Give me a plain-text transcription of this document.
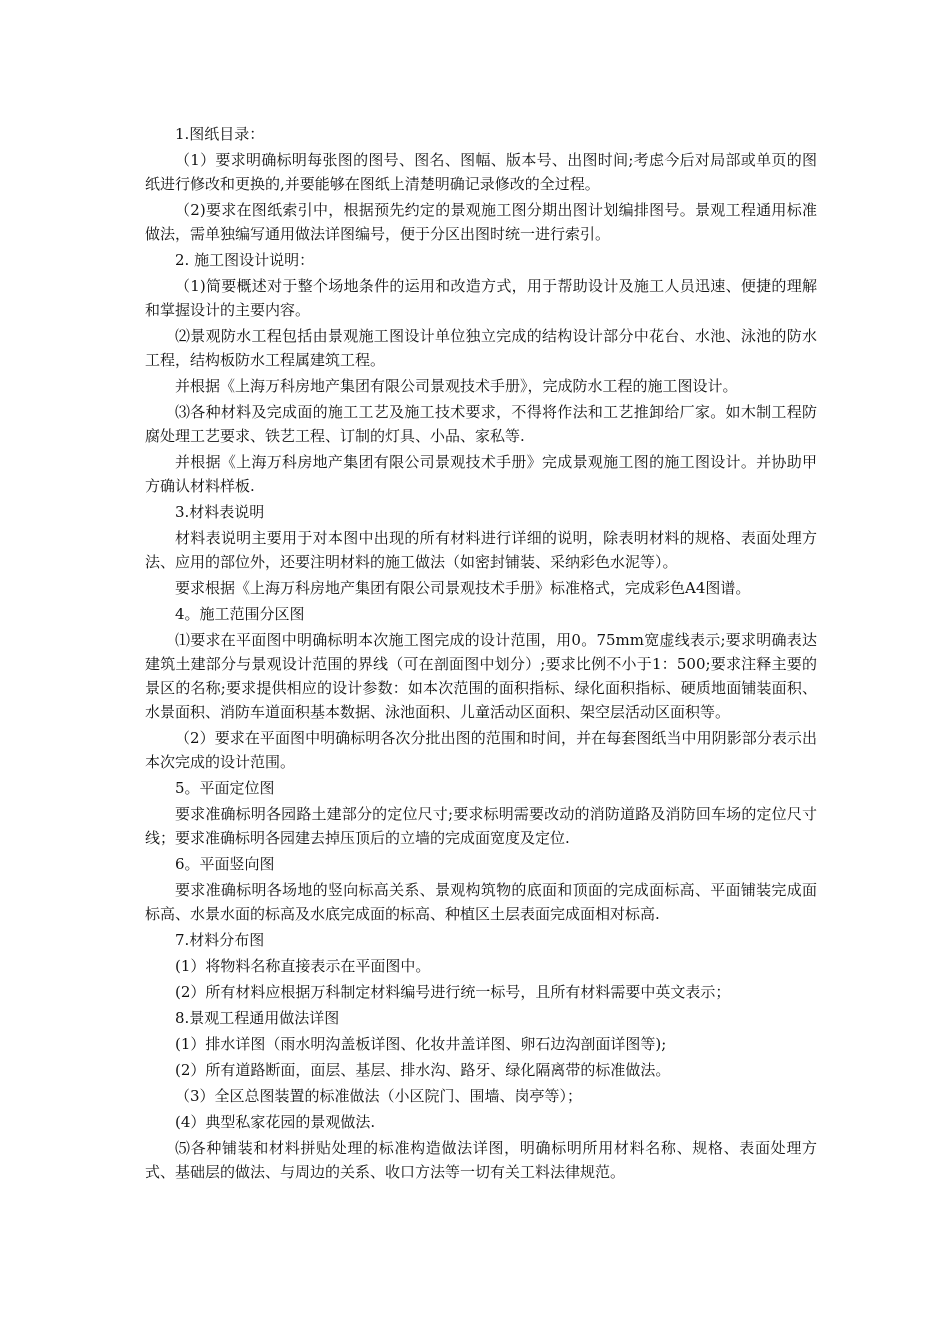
1.图纸目录：

（1）要求明确标明每张图的图号、图名、图幅、版本号、出图时间;考虑今后对局部或单页的图纸进行修改和更换的,并要能够在图纸上清楚明确记录修改的全过程。

（2)要求在图纸索引中，根据预先约定的景观施工图分期出图计划编排图号。景观工程通用标准做法，需单独编写通用做法详图编号，便于分区出图时统一进行索引。

2. 施工图设计说明：

（1)简要概述对于整个场地条件的运用和改造方式，用于帮助设计及施工人员迅速、便捷的理解和掌握设计的主要内容。

⑵景观防水工程包括由景观施工图设计单位独立完成的结构设计部分中花台、水池、泳池的防水工程，结构板防水工程属建筑工程。

并根据《上海万科房地产集团有限公司景观技术手册》，完成防水工程的施工图设计。

⑶各种材料及完成面的施工工艺及施工技术要求，不得将作法和工艺推卸给厂家。如木制工程防腐处理工艺要求、铁艺工程、订制的灯具、小品、家私等.

并根据《上海万科房地产集团有限公司景观技术手册》完成景观施工图的施工图设计。并协助甲方确认材料样板.

3.材料表说明

材料表说明主要用于对本图中出现的所有材料进行详细的说明，除表明材料的规格、表面处理方法、应用的部位外，还要注明材料的施工做法（如密封铺装、采纳彩色水泥等）。

要求根据《上海万科房地产集团有限公司景观技术手册》标准格式，完成彩色A4图谱。

4。施工范围分区图

⑴要求在平面图中明确标明本次施工图完成的设计范围，用0。75mm宽虚线表示;要求明确表达建筑土建部分与景观设计范围的界线（可在剖面图中划分）;要求比例不小于1：500;要求注释主要的景区的名称;要求提供相应的设计参数：如本次范围的面积指标、绿化面积指标、硬质地面铺装面积、水景面积、消防车道面积基本数据、泳池面积、儿童活动区面积、架空层活动区面积等。

（2）要求在平面图中明确标明各次分批出图的范围和时间，并在每套图纸当中用阴影部分表示出本次完成的设计范围。

5。平面定位图

要求准确标明各园路土建部分的定位尺寸;要求标明需要改动的消防道路及消防回车场的定位尺寸线；要求准确标明各园建去掉压顶后的立墙的完成面宽度及定位.

6。平面竖向图

要求准确标明各场地的竖向标高关系、景观构筑物的底面和顶面的完成面标高、平面铺装完成面标高、水景水面的标高及水底完成面的标高、种植区土层表面完成面相对标高.

7.材料分布图

(1）将物料名称直接表示在平面图中。

(2）所有材料应根据万科制定材料编号进行统一标号，且所有材料需要中英文表示；

8.景观工程通用做法详图

(1）排水详图（雨水明沟盖板详图、化妆井盖详图、卵石边沟剖面详图等);

(2）所有道路断面，面层、基层、排水沟、路牙、绿化隔离带的标准做法。

（3）全区总图装置的标准做法（小区院门、围墙、岗亭等）；

(4）典型私家花园的景观做法.

⑸各种铺装和材料拼贴处理的标准构造做法详图，明确标明所用材料名称、规格、表面处理方式、基础层的做法、与周边的关系、收口方法等一切有关工料法律规范。
